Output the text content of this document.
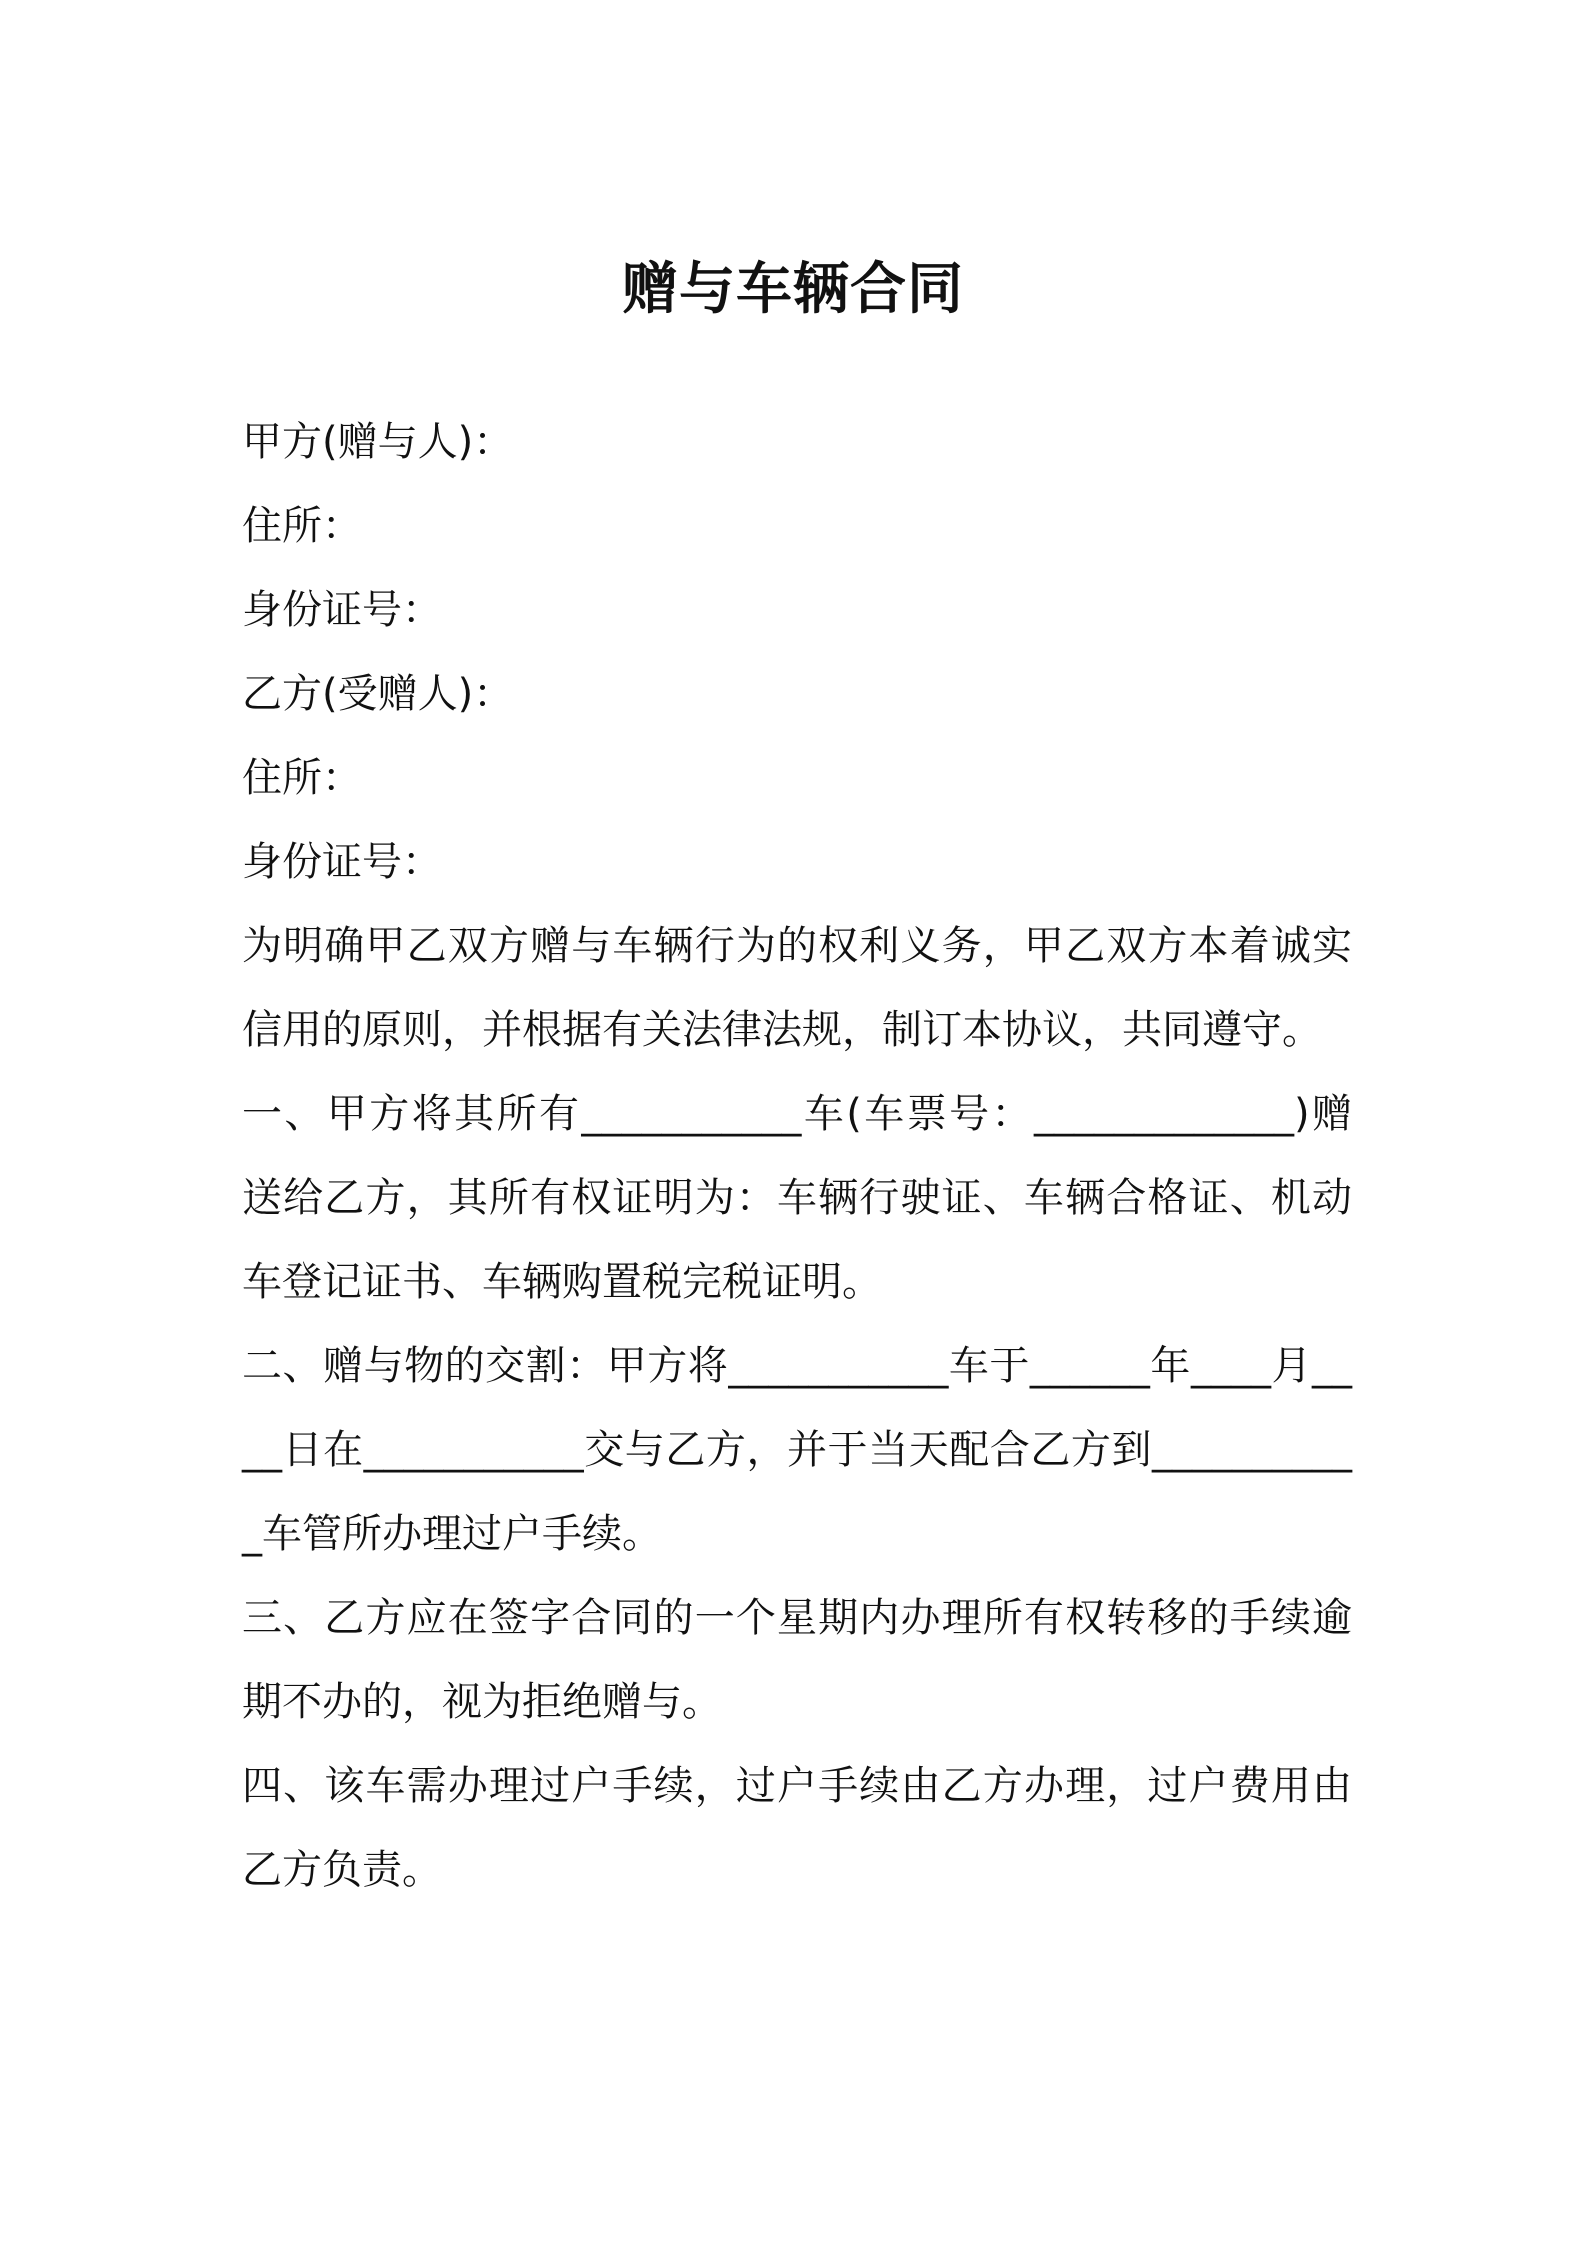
赠与车辆合同
甲方(赠与人)：
住所：
身份证号：
乙方(受赠人)：
住所：
身份证号：
为明确甲乙双方赠与车辆行为的权利义务，甲乙双方本着诚实信用的原则，并根据有关法律法规，制订本协议，共同遵守。
一、甲方将其所有___________车(车票号：_____________)赠送给乙方，其所有权证明为：车辆行驶证、车辆合格证、机动车登记证书、车辆购置税完税证明。
二、赠与物的交割：甲方将___________车于______年____月____日在___________交与乙方，并于当天配合乙方到___________车管所办理过户手续。
三、乙方应在签字合同的一个星期内办理所有权转移的手续逾期不办的，视为拒绝赠与。
四、该车需办理过户手续，过户手续由乙方办理，过户费用由乙方负责。
